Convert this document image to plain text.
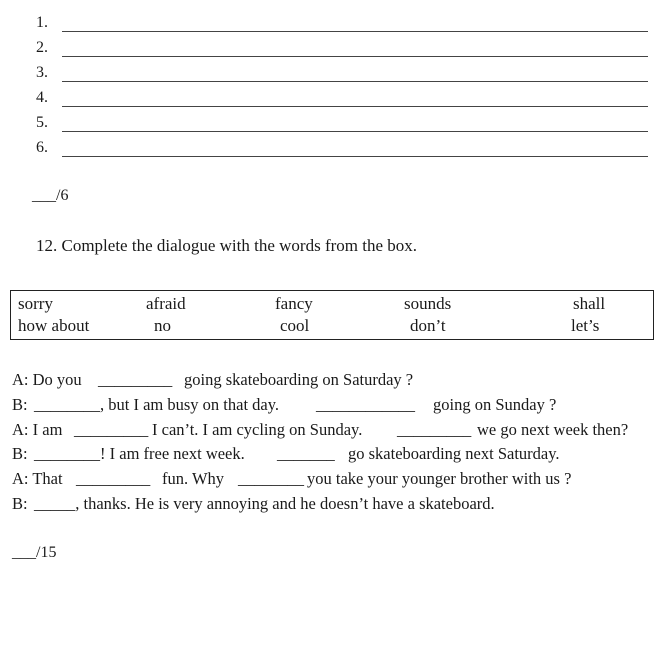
1.
2.
3.
4.
5.
6.
___/6
12. Complete the dialogue with the words from the box.
sorry	afraid	fancy	sounds	shall
how about	no	cool	don’t	let’s
A: Do you _________ going skateboarding on Saturday ?
B: ________, but I am busy on that day. ____________ going on Sunday ?
A: I am _________ I can’t. I am cycling on Sunday. _________ we go next week then?
B: ________! I am free next week. _______ go skateboarding next Saturday.
A: That _________ fun. Why ________ you take your younger brother with us ?
B: _____, thanks. He is very annoying and he doesn’t have a skateboard.
___/15
